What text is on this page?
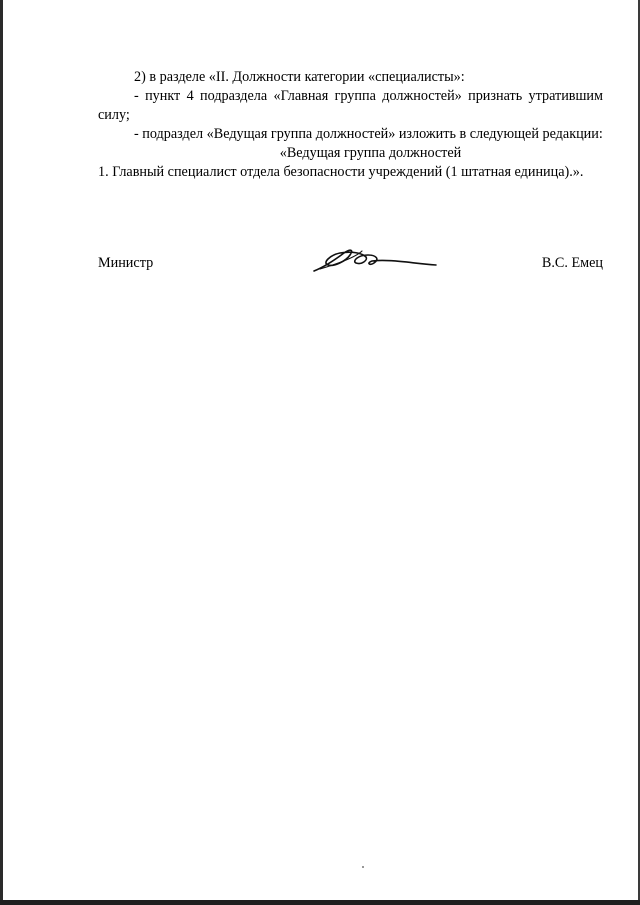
2) в разделе «II. Должности категории «специалисты»:

- пункт 4 подраздела «Главная группа должностей» признать утратившим силу;

- подраздел «Ведущая группа должностей» изложить в следующей редакции:

«Ведущая группа должностей

1. Главный специалист отдела безопасности учреждений (1 штатная единица).».

Министр	В.С. Емец
